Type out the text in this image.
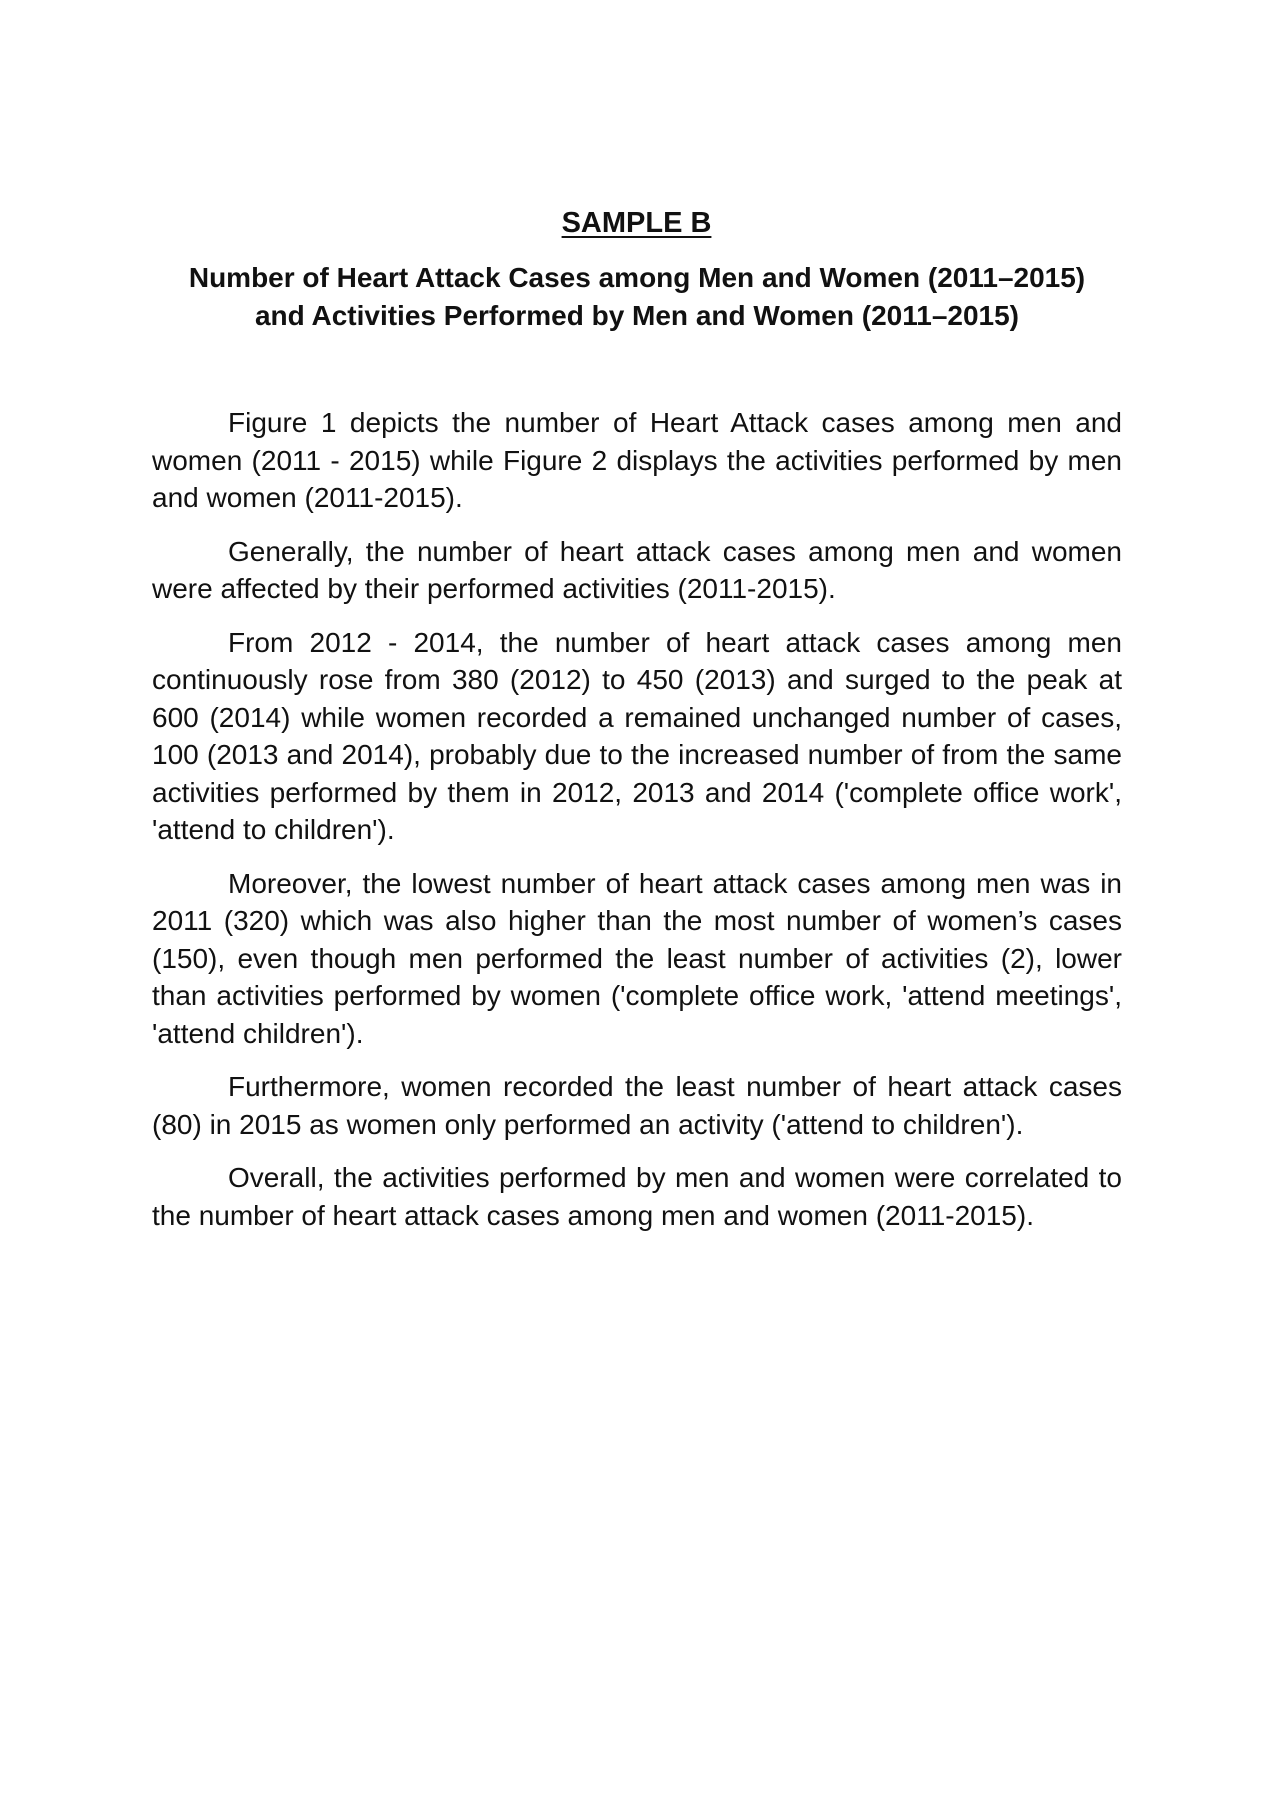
SAMPLE B
Number of Heart Attack Cases among Men and Women (2011–2015)
and Activities Performed by Men and Women (2011–2015)

Figure 1 depicts the number of Heart Attack cases among men and women (2011 - 2015) while Figure 2 displays the activities performed by men and women (2011-2015).

Generally, the number of heart attack cases among men and women were affected by their performed activities (2011-2015).

From 2012 - 2014, the number of heart attack cases among men continuously rose from 380 (2012) to 450 (2013) and surged to the peak at 600 (2014) while women recorded a remained unchanged number of cases, 100 (2013 and 2014), probably due to the increased number of from the same activities performed by them in 2012, 2013 and 2014 ('complete office work', 'attend to children').

Moreover, the lowest number of heart attack cases among men was in 2011 (320) which was also higher than the most number of women’s cases (150), even though men performed the least number of activities (2), lower than activities performed by women ('complete office work, 'attend meetings', 'attend children').

Furthermore, women recorded the least number of heart attack cases (80) in 2015 as women only performed an activity ('attend to children').

Overall, the activities performed by men and women were correlated to the number of heart attack cases among men and women (2011-2015).
